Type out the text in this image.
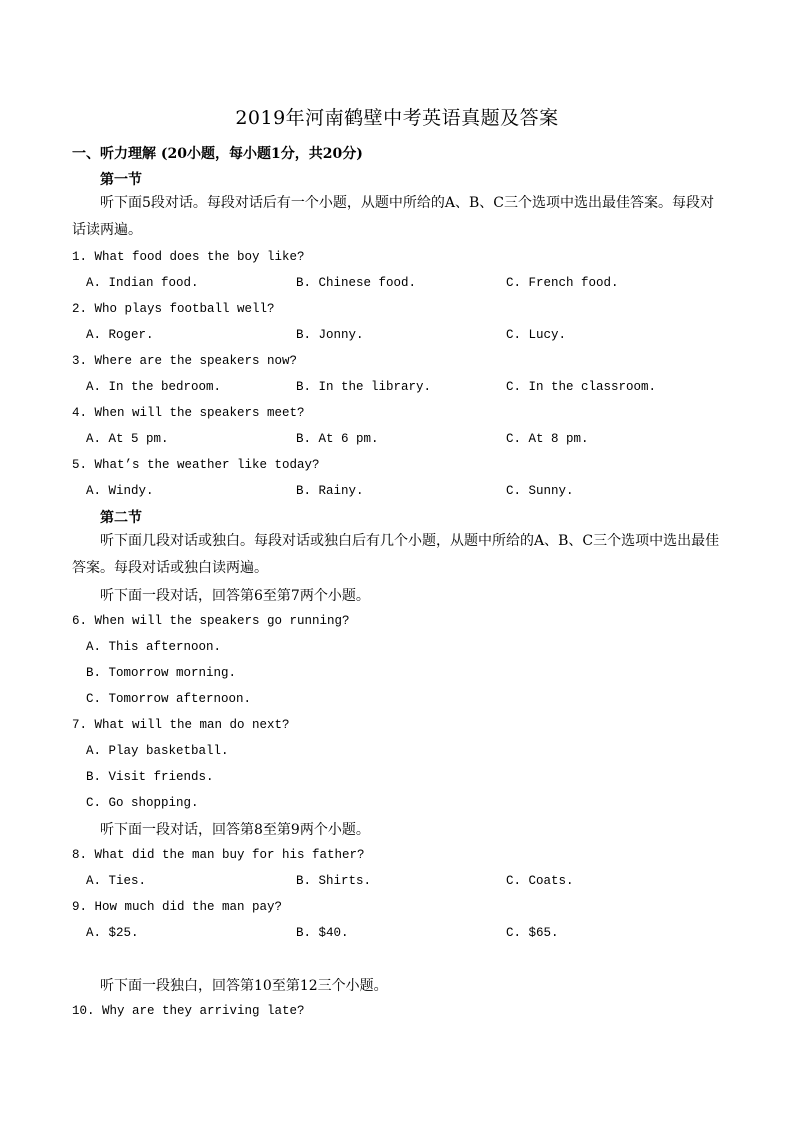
2019年河南鹤壁中考英语真题及答案
一、听力理解 (20小题，每小题1分，共20分)
第一节
听下面5段对话。每段对话后有一个小题，从题中所给的A、B、C三个选项中选出最佳答案。每段对话读两遍。
1. What food does the boy like?
A. Indian food.	B. Chinese food.	C. French food.
2. Who plays football well?
A. Roger.	B. Jonny.	C. Lucy.
3. Where are the speakers now?
A. In the bedroom.	B. In the library.	C. In the classroom.
4. When will the speakers meet?
A. At 5 pm.	B. At 6 pm.	C. At 8 pm.
5. What’s the weather like today?
A. Windy.	B. Rainy.	C. Sunny.
第二节
听下面几段对话或独白。每段对话或独白后有几个小题，从题中所给的A、B、C三个选项中选出最佳答案。每段对话或独白读两遍。
听下面一段对话，回答第6至第7两个小题。
6. When will the speakers go running?
A. This afternoon.
B. Tomorrow morning.
C. Tomorrow afternoon.
7. What will the man do next?
A. Play basketball.
B. Visit friends.
C. Go shopping.
听下面一段对话，回答第8至第9两个小题。
8. What did the man buy for his father?
A. Ties.	B. Shirts.	C. Coats.
9. How much did the man pay?
A. $25.	B. $40.	C. $65.
听下面一段独白，回答第10至第12三个小题。
10. Why are they arriving late?
